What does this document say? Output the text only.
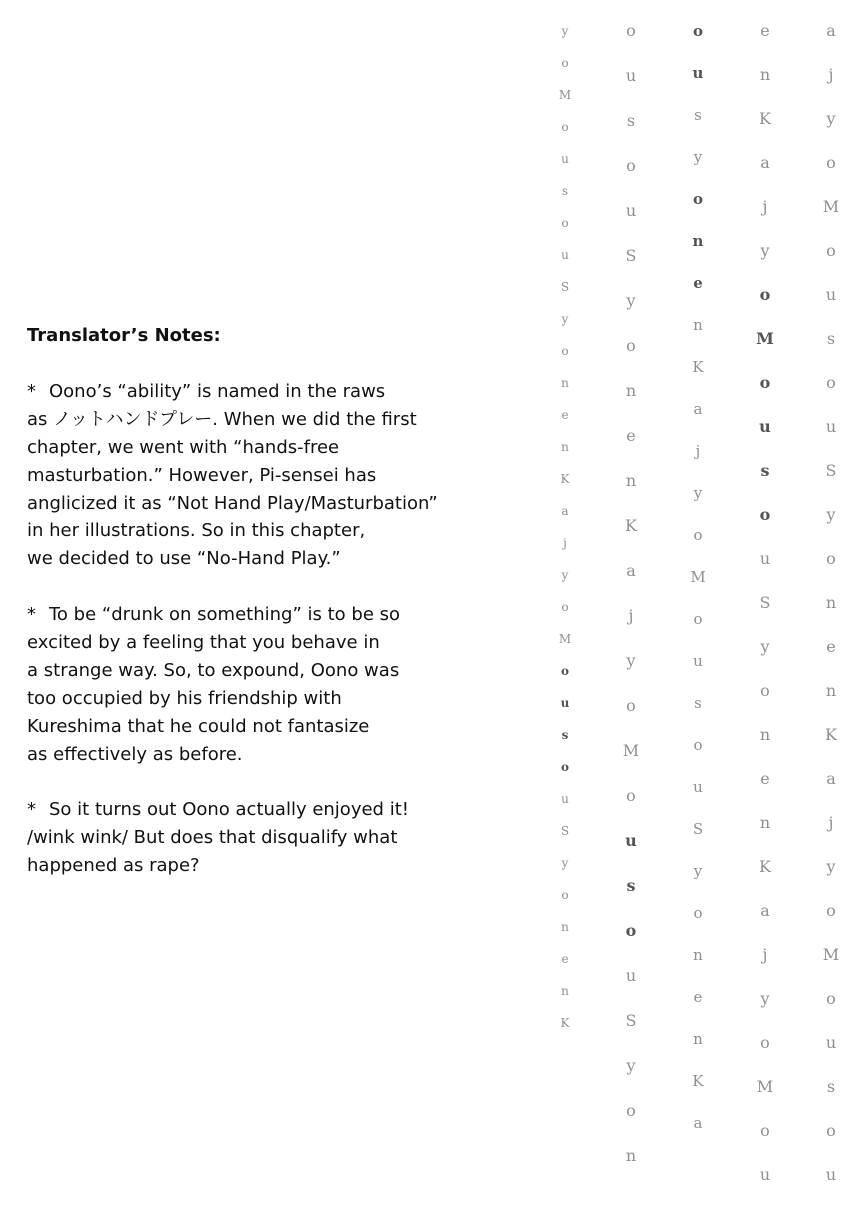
Translator’s Notes:
* Oono’s “ability” is named in the raws
as ノットハンドプレー. When we did the first
chapter, we went with “hands-free
masturbation.” However, Pi-sensei has
anglicized it as “Not Hand Play/Masturbation”
in her illustrations. So in this chapter,
we decided to use “No-Hand Play.”
* To be “drunk on something” is to be so
excited by a feeling that you behave in
a strange way. So, to expound, Oono was
too occupied by his friendship with
Kureshima that he could not fantasize
as effectively as before.
* So it turns out Oono actually enjoyed it!
/wink wink/ But does that disqualify what
happened as rape?
y
o
M
o
u
s
o
u
S
y
o
n
e
n
K
a
j
y
o
M
o
u
s
o
u
S
y
o
n
e
n
K
o
u
s
o
u
S
y
o
n
e
n
K
a
j
y
o
M
o
u
s
o
u
S
y
o
n
o
u
s
y
o
n
e
n
K
a
j
y
o
M
o
u
s
o
u
S
y
o
n
e
n
K
a
e
n
K
a
j
y
o
M
o
u
s
o
u
S
y
o
n
e
n
K
a
j
y
o
M
o
u
a
j
y
o
M
o
u
s
o
u
S
y
o
n
e
n
K
a
j
y
o
M
o
u
s
o
u
